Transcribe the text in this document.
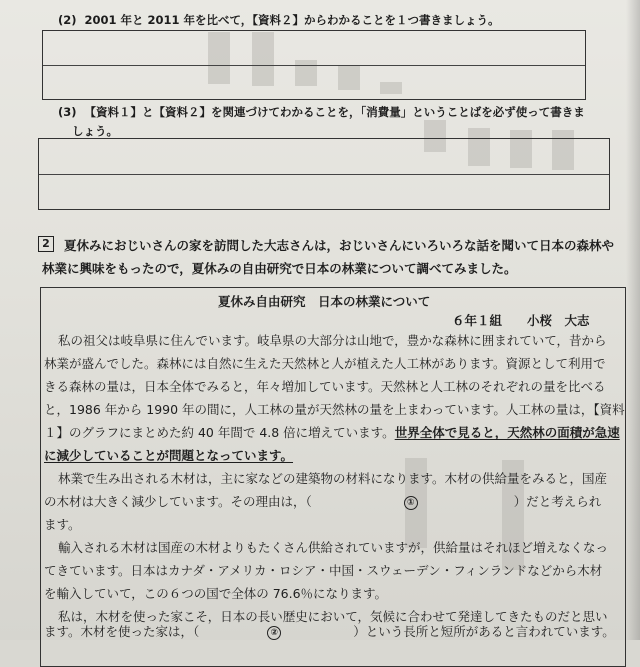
(2) 2001 年と 2011 年を比べて，【資料２】からわかることを１つ書きましょう。
(3) 【資料１】と【資料２】を関連づけてわかることを，「消費量」ということばを必ず使って書きま
しょう。
2	夏休みにおじいさんの家を訪問した大志さんは，おじいさんにいろいろな話を聞いて日本の森林や
林業に興味をもったので，夏休みの自由研究で日本の林業について調べてみました。
夏休み自由研究　日本の林業について
６年１組　　小桜　大志
私の祖父は岐阜県に住んでいます。岐阜県の大部分は山地で，豊かな森林に囲まれていて，昔から
林業が盛んでした。森林には自然に生えた天然林と人が植えた人工林があります。資源として利用で
きる森林の量は，日本全体でみると，年々増加しています。天然林と人工林のそれぞれの量を比べる
と，1986 年から 1990 年の間に，人工林の量が天然林の量を上まわっています。人工林の量は，【資料
１】のグラフにまとめた約 40 年間で 4.8 倍に増えています。世界全体で見ると，天然林の面積が急速
に減少していることが問題となっています。
林業で生み出される木材は，主に家などの建築物の材料になります。木材の供給量をみると，国産
の木材は大きく減少しています。その理由は，（	①	）だと考えられ
ます。
輸入される木材は国産の木材よりもたくさん供給されていますが，供給量はそれほど増えなくなっ
てきています。日本はカナダ・アメリカ・ロシア・中国・スウェーデン・フィンランドなどから木材
を輸入していて，この６つの国で全体の 76.6％になります。
私は，木材を使った家こそ，日本の長い歴史において，気候に合わせて発達してきたものだと思い
ます。木材を使った家は，（	②	）という長所と短所があると言われています。
